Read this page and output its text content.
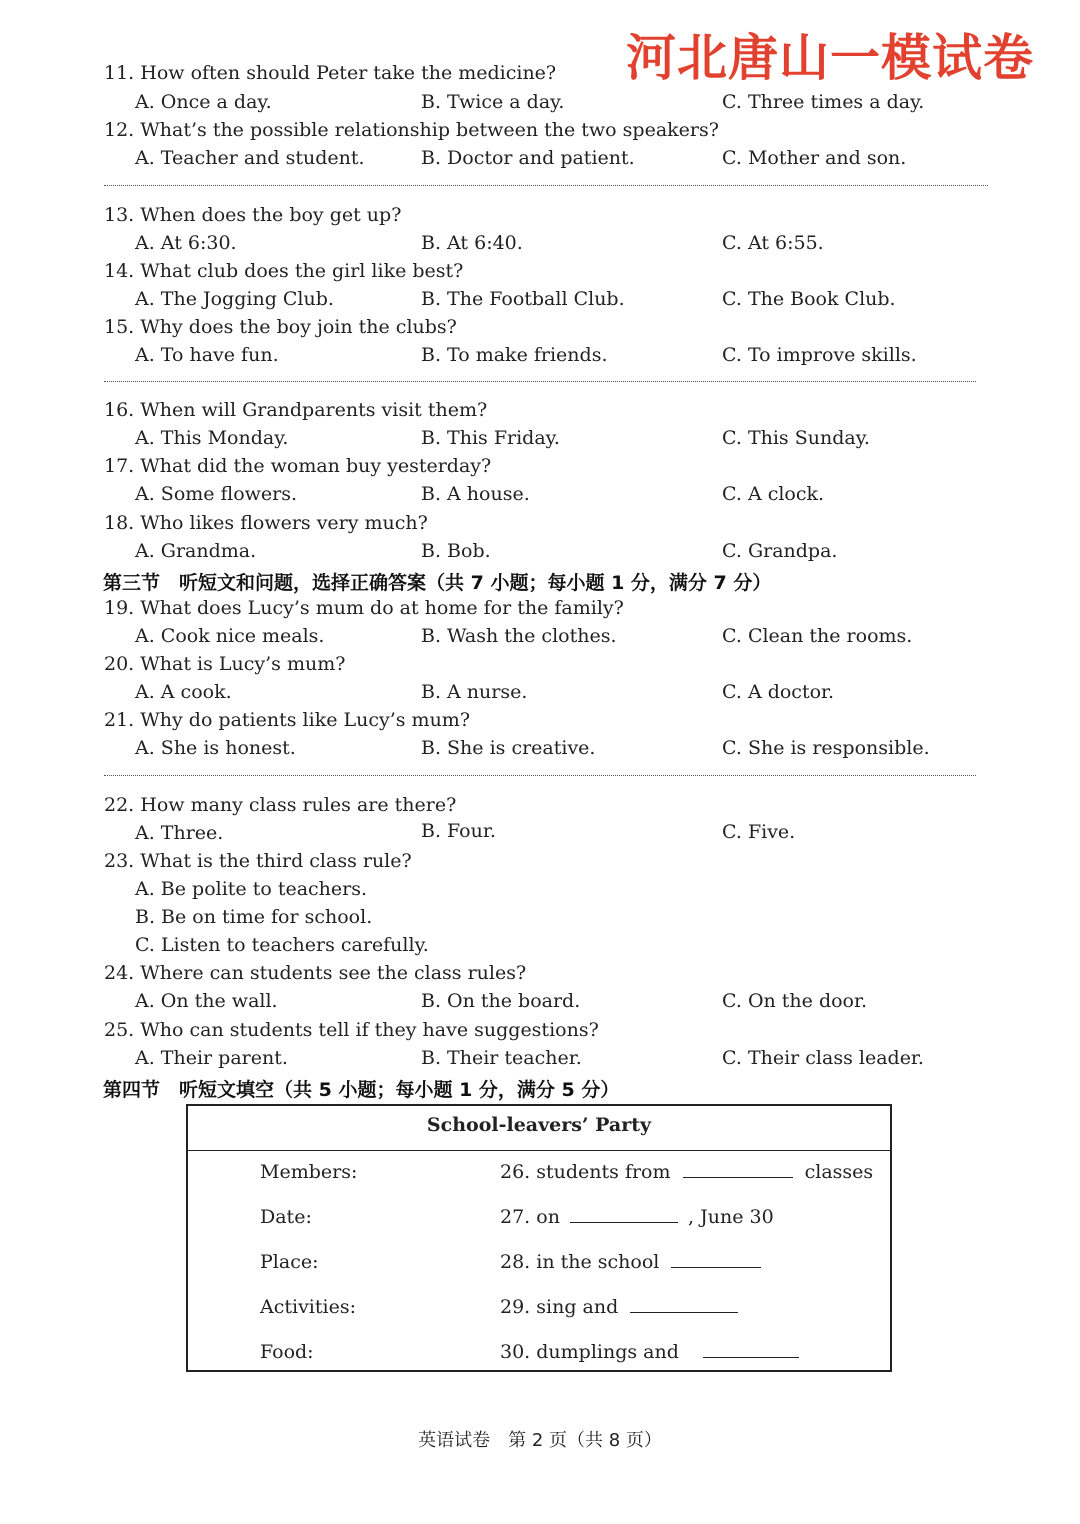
河北唐山一模试卷
11. How often should Peter take the medicine?
A. Once a day.	B. Twice a day.	C. Three times a day.
12. What’s the possible relationship between the two speakers?
A. Teacher and student.	B. Doctor and patient.	C. Mother and son.
13. When does the boy get up?
A. At 6:30.	B. At 6:40.	C. At 6:55.
14. What club does the girl like best?
A. The Jogging Club.	B. The Football Club.	C. The Book Club.
15. Why does the boy join the clubs?
A. To have fun.	B. To make friends.	C. To improve skills.
16. When will Grandparents visit them?
A. This Monday.	B. This Friday.	C. This Sunday.
17. What did the woman buy yesterday?
A. Some flowers.	B. A house.	C. A clock.
18. Who likes flowers very much?
A. Grandma.	B. Bob.	C. Grandpa.
第三节　听短文和问题，选择正确答案（共 7 小题；每小题 1 分，满分 7 分）
19. What does Lucy’s mum do at home for the family?
A. Cook nice meals.	B. Wash the clothes.	C. Clean the rooms.
20. What is Lucy’s mum?
A. A cook.	B. A nurse.	C. A doctor.
21. Why do patients like Lucy’s mum?
A. She is honest.	B. She is creative.	C. She is responsible.
22. How many class rules are there?
A. Three.	B. Four.	C. Five.
23. What is the third class rule?
A. Be polite to teachers.
B. Be on time for school.
C. Listen to teachers carefully.
24. Where can students see the class rules?
A. On the wall.	B. On the board.	C. On the door.
25. Who can students tell if they have suggestions?
A. Their parent.	B. Their teacher.	C. Their class leader.
第四节　听短文填空（共 5 小题；每小题 1 分，满分 5 分）
School-leavers’ Party
Members:	26. students from	classes
Date:	27. on	, June 30
Place:	28. in the school
Activities:	29. sing and
Food:	30. dumplings and
英语试卷　第 2 页（共 8 页）
